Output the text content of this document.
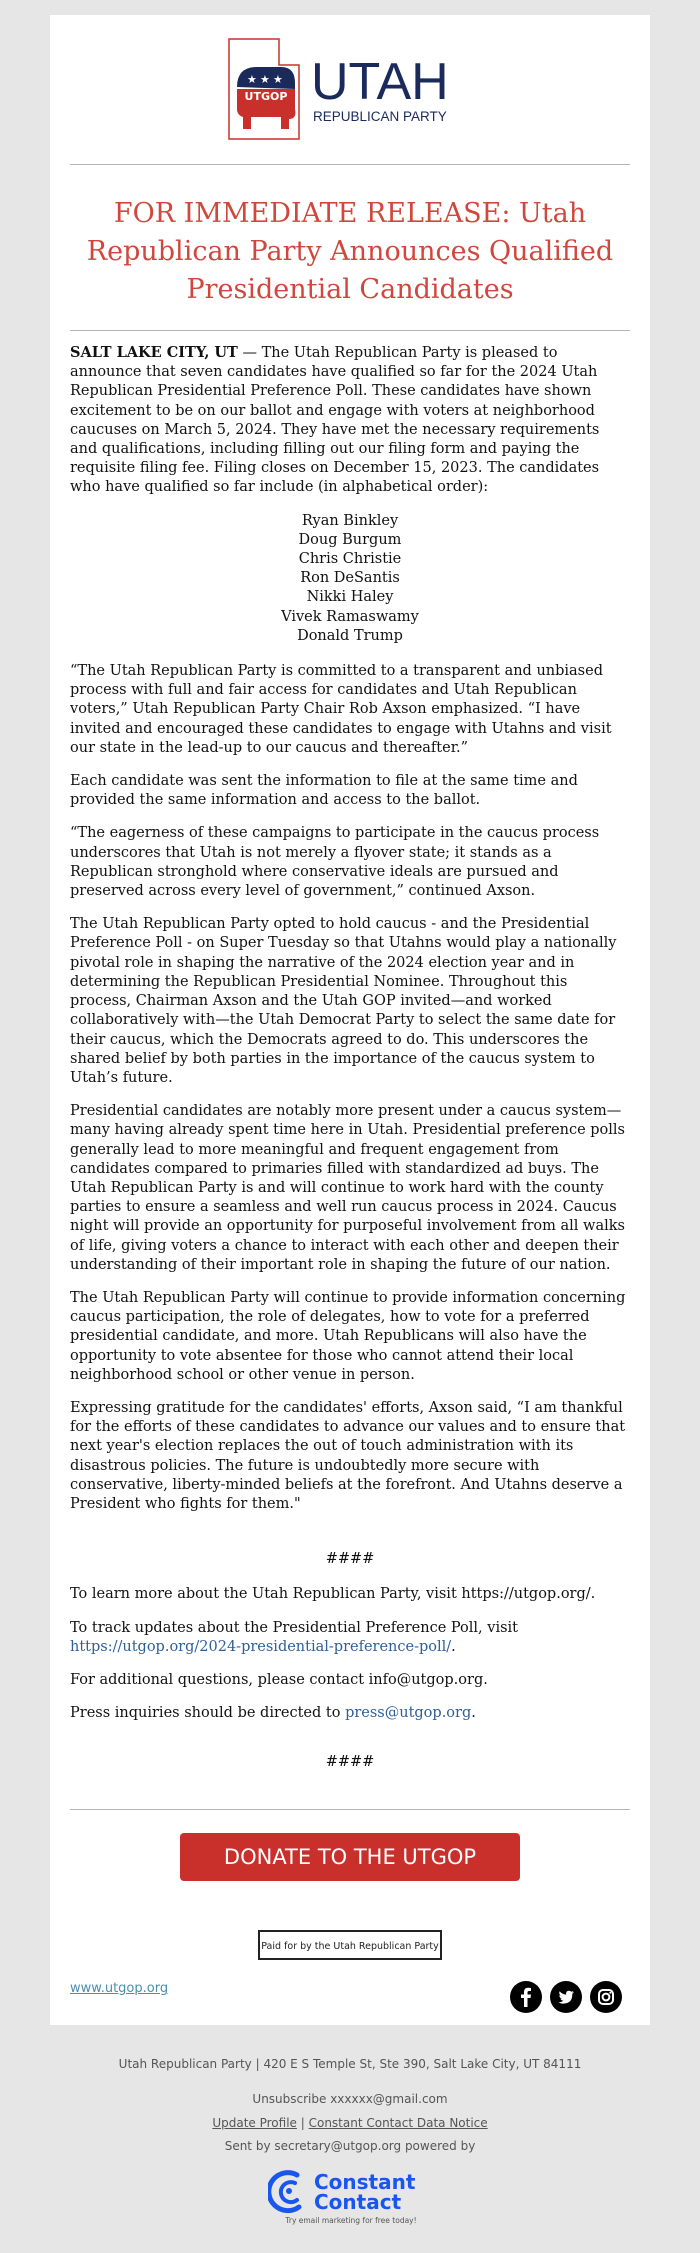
★ ★ ★
UTGOP UTAH
REPUBLICAN PARTY
FOR IMMEDIATE RELEASE: Utah Republican Party Announces Qualified Presidential Candidates

SALT LAKE CITY, UT — The Utah Republican Party is pleased to announce that seven candidates have qualified so far for the 2024 Utah Republican Presidential Preference Poll. These candidates have shown excitement to be on our ballot and engage with voters at neighborhood caucuses on March 5, 2024. They have met the necessary requirements and qualifications, including filling out our filing form and paying the requisite filing fee. Filing closes on December 15, 2023. The candidates who have qualified so far include (in alphabetical order):

Ryan Binkley
Doug Burgum
Chris Christie
Ron DeSantis
Nikki Haley
Vivek Ramaswamy
Donald Trump

“The Utah Republican Party is committed to a transparent and unbiased process with full and fair access for candidates and Utah Republican voters,” Utah Republican Party Chair Rob Axson emphasized. “I have invited and encouraged these candidates to engage with Utahns and visit our state in the lead-up to our caucus and thereafter.”

Each candidate was sent the information to file at the same time and provided the same information and access to the ballot.

“The eagerness of these campaigns to participate in the caucus process underscores that Utah is not merely a flyover state; it stands as a Republican stronghold where conservative ideals are pursued and preserved across every level of government,” continued Axson.

The Utah Republican Party opted to hold caucus - and the Presidential Preference Poll - on Super Tuesday so that Utahns would play a nationally pivotal role in shaping the narrative of the 2024 election year and in determining the Republican Presidential Nominee. Throughout this process, Chairman Axson and the Utah GOP invited—and worked collaboratively with—the Utah Democrat Party to select the same date for their caucus, which the Democrats agreed to do. This underscores the shared belief by both parties in the importance of the caucus system to Utah’s future.

Presidential candidates are notably more present under a caucus system—many having already spent time here in Utah. Presidential preference polls generally lead to more meaningful and frequent engagement from candidates compared to primaries filled with standardized ad buys. The Utah Republican Party is and will continue to work hard with the county parties to ensure a seamless and well run caucus process in 2024. Caucus night will provide an opportunity for purposeful involvement from all walks of life, giving voters a chance to interact with each other and deepen their understanding of their important role in shaping the future of our nation.

The Utah Republican Party will continue to provide information concerning caucus participation, the role of delegates, how to vote for a preferred presidential candidate, and more. Utah Republicans will also have the opportunity to vote absentee for those who cannot attend their local neighborhood school or other venue in person.

Expressing gratitude for the candidates' efforts, Axson said, “I am thankful for the efforts of these candidates to advance our values and to ensure that next year's election replaces the out of touch administration with its disastrous policies. The future is undoubtedly more secure with conservative, liberty-minded beliefs at the forefront. And Utahns deserve a President who fights for them."

####

To learn more about the Utah Republican Party, visit https://utgop.org/.

To track updates about the Presidential Preference Poll, visit
https://utgop.org/2024-presidential-preference-poll/.

For additional questions, please contact info@utgop.org.

Press inquiries should be directed to press@utgop.org.

####

DONATE TO THE UTGOP
Paid for by the Utah Republican Party
www.utgop.org
Utah Republican Party | 420 E S Temple St, Ste 390, Salt Lake City, UT 84111
Unsubscribe xxxxxx@gmail.com
Update Profile | Constant Contact Data Notice
Sent by secretary@utgop.org powered by
Constant
Contact
Try email marketing for free today!
